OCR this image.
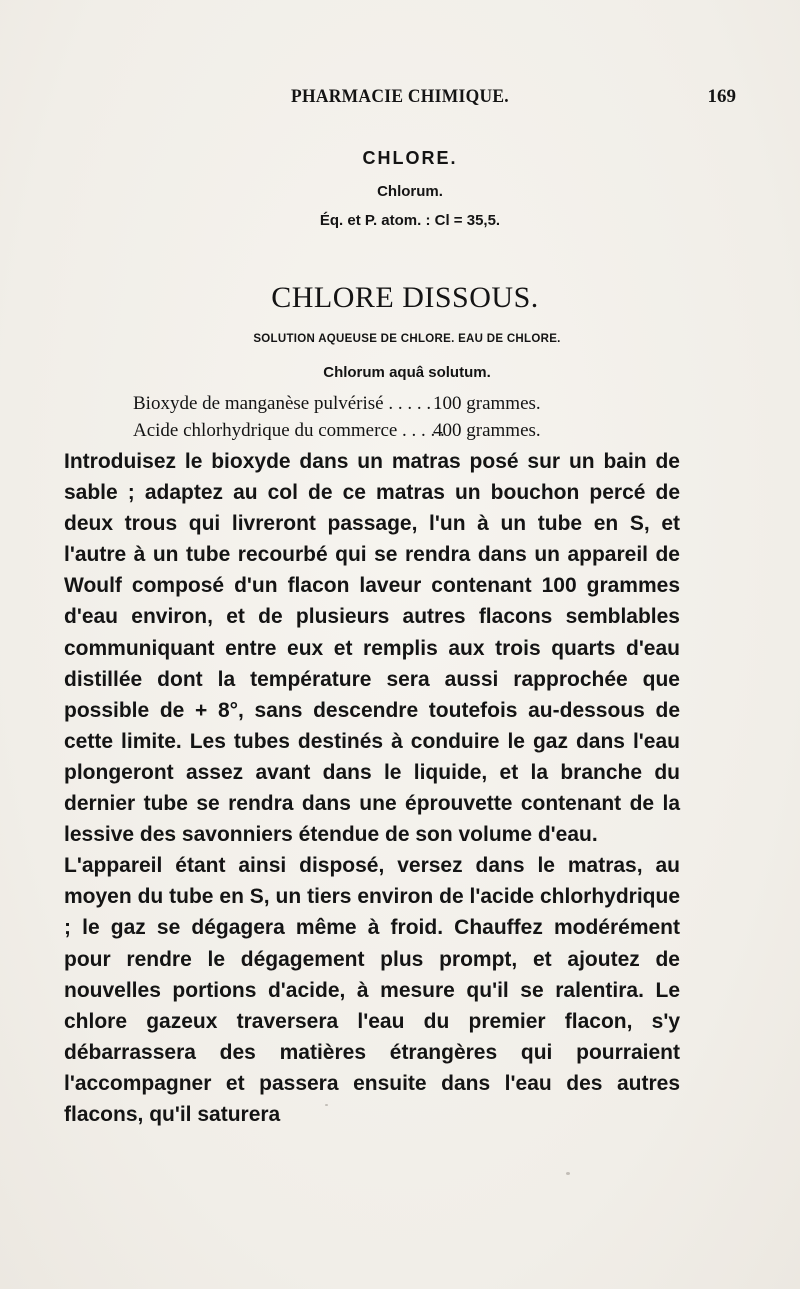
PHARMACIE CHIMIQUE.	169
CHLORE.
Chlorum.
Éq. et P. atom. : Cl = 35,5.
CHLORE DISSOUS.
SOLUTION AQUEUSE DE CHLORE. EAU DE CHLORE.
Chlorum aquâ solutum.
Bioxyde de manganèse pulvérisé . . . . . .
100 grammes.
Acide chlorhydrique du commerce . . . . .
400 grammes.

Introduisez le bioxyde dans un matras posé sur un bain de sable ; adaptez au col de ce matras un bouchon percé de deux trous qui livreront passage, l'un à un tube en S, et l'autre à un tube recourbé qui se rendra dans un appareil de Woulf composé d'un flacon laveur contenant 100 grammes d'eau environ, et de plusieurs autres flacons semblables communiquant entre eux et remplis aux trois quarts d'eau distillée dont la température sera aussi rapprochée que possible de + 8°, sans descendre toutefois au-dessous de cette limite. Les tubes destinés à conduire le gaz dans l'eau plongeront assez avant dans le liquide, et la branche du dernier tube se rendra dans une éprouvette contenant de la lessive des savonniers étendue de son volume d'eau.

L'appareil étant ainsi disposé, versez dans le matras, au moyen du tube en S, un tiers environ de l'acide chlorhydrique ; le gaz se dégagera même à froid. Chauffez modérément pour rendre le dégagement plus prompt, et ajoutez de nouvelles portions d'acide, à mesure qu'il se ralentira. Le chlore gazeux traversera l'eau du premier flacon, s'y débarrassera des matières étrangères qui pourraient l'accompagner et passera ensuite dans l'eau des autres flacons, qu'il saturera
